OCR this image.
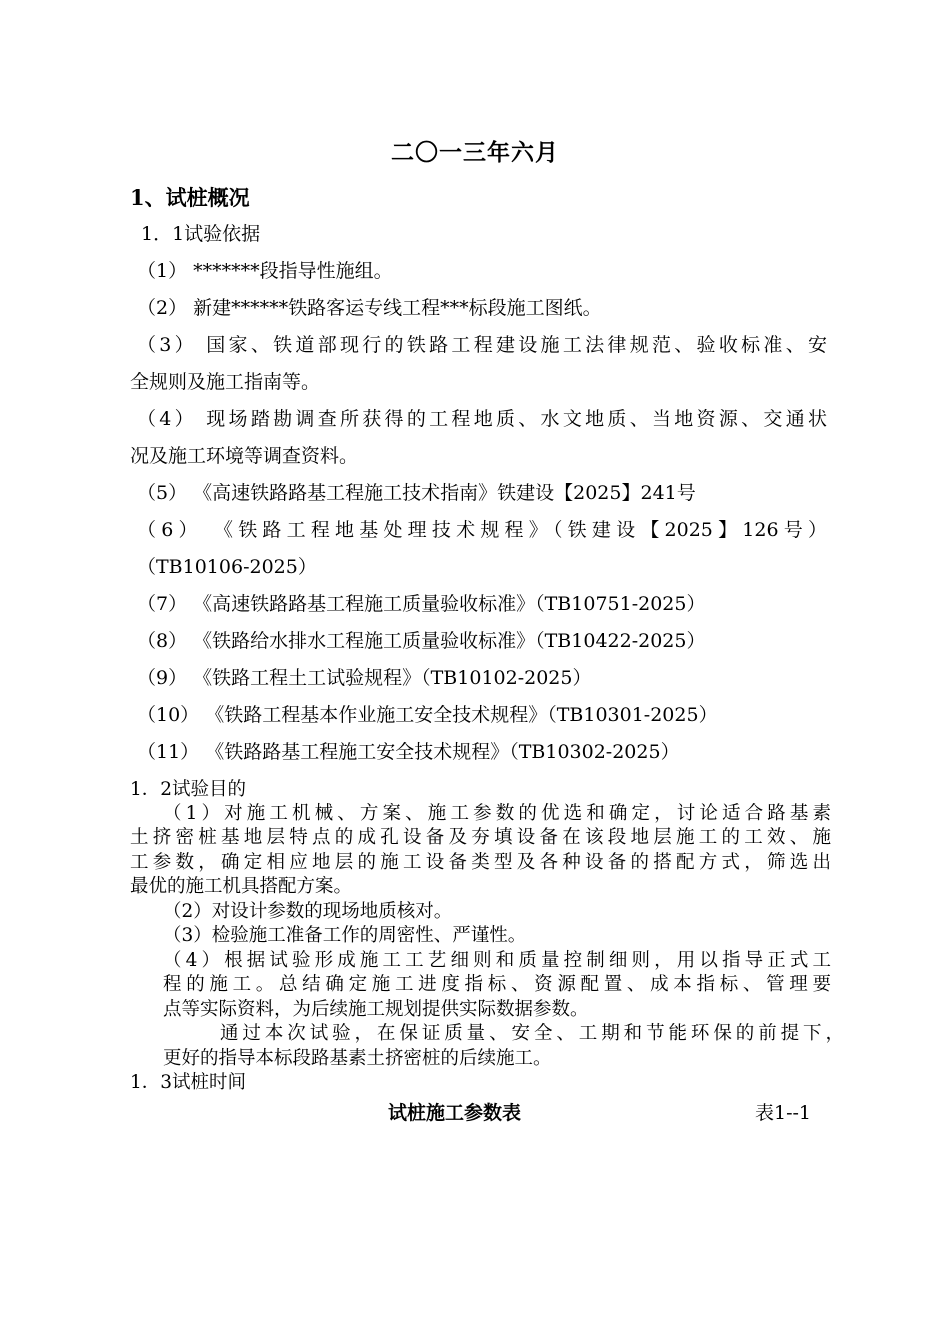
二〇一三年六月
1、试桩概况
1．1试验依据
（1） *******段指导性施组。
（2） 新建******铁路客运专线工程***标段施工图纸。
（3） 国家、铁道部现行的铁路工程建设施工法律规范、验收标准、安
全规则及施工指南等。
（4） 现场踏勘调查所获得的工程地质、水文地质、当地资源、交通状
况及施工环境等调查资料。
（5） 《高速铁路路基工程施工技术指南》铁建设【2025】241号
（6） 《铁路工程地基处理技术规程》（铁建设【2025】126号）
（TB10106-2025）
（7） 《高速铁路路基工程施工质量验收标准》（TB10751-2025）
（8） 《铁路给水排水工程施工质量验收标准》（TB10422-2025）
（9） 《铁路工程土工试验规程》（TB10102-2025）
（10） 《铁路工程基本作业施工安全技术规程》（TB10301-2025）
（11） 《铁路路基工程施工安全技术规程》（TB10302-2025）
1．2试验目的
（1）对施工机械、方案、施工参数的优选和确定，讨论适合路基素
土挤密桩基地层特点的成孔设备及夯填设备在该段地层施工的工效、施
工参数，确定相应地层的施工设备类型及各种设备的搭配方式，筛选出
最优的施工机具搭配方案。
（2）对设计参数的现场地质核对。
（3）检验施工准备工作的周密性、严谨性。
（4）根据试验形成施工工艺细则和质量控制细则，用以指导正式工
程的施工。总结确定施工进度指标、资源配置、成本指标、管理要
点等实际资料，为后续施工规划提供实际数据参数。
通过本次试验，在保证质量、安全、工期和节能环保的前提下，
更好的指导本标段路基素土挤密桩的后续施工。
1．3试桩时间
试桩施工参数表	表1--1
